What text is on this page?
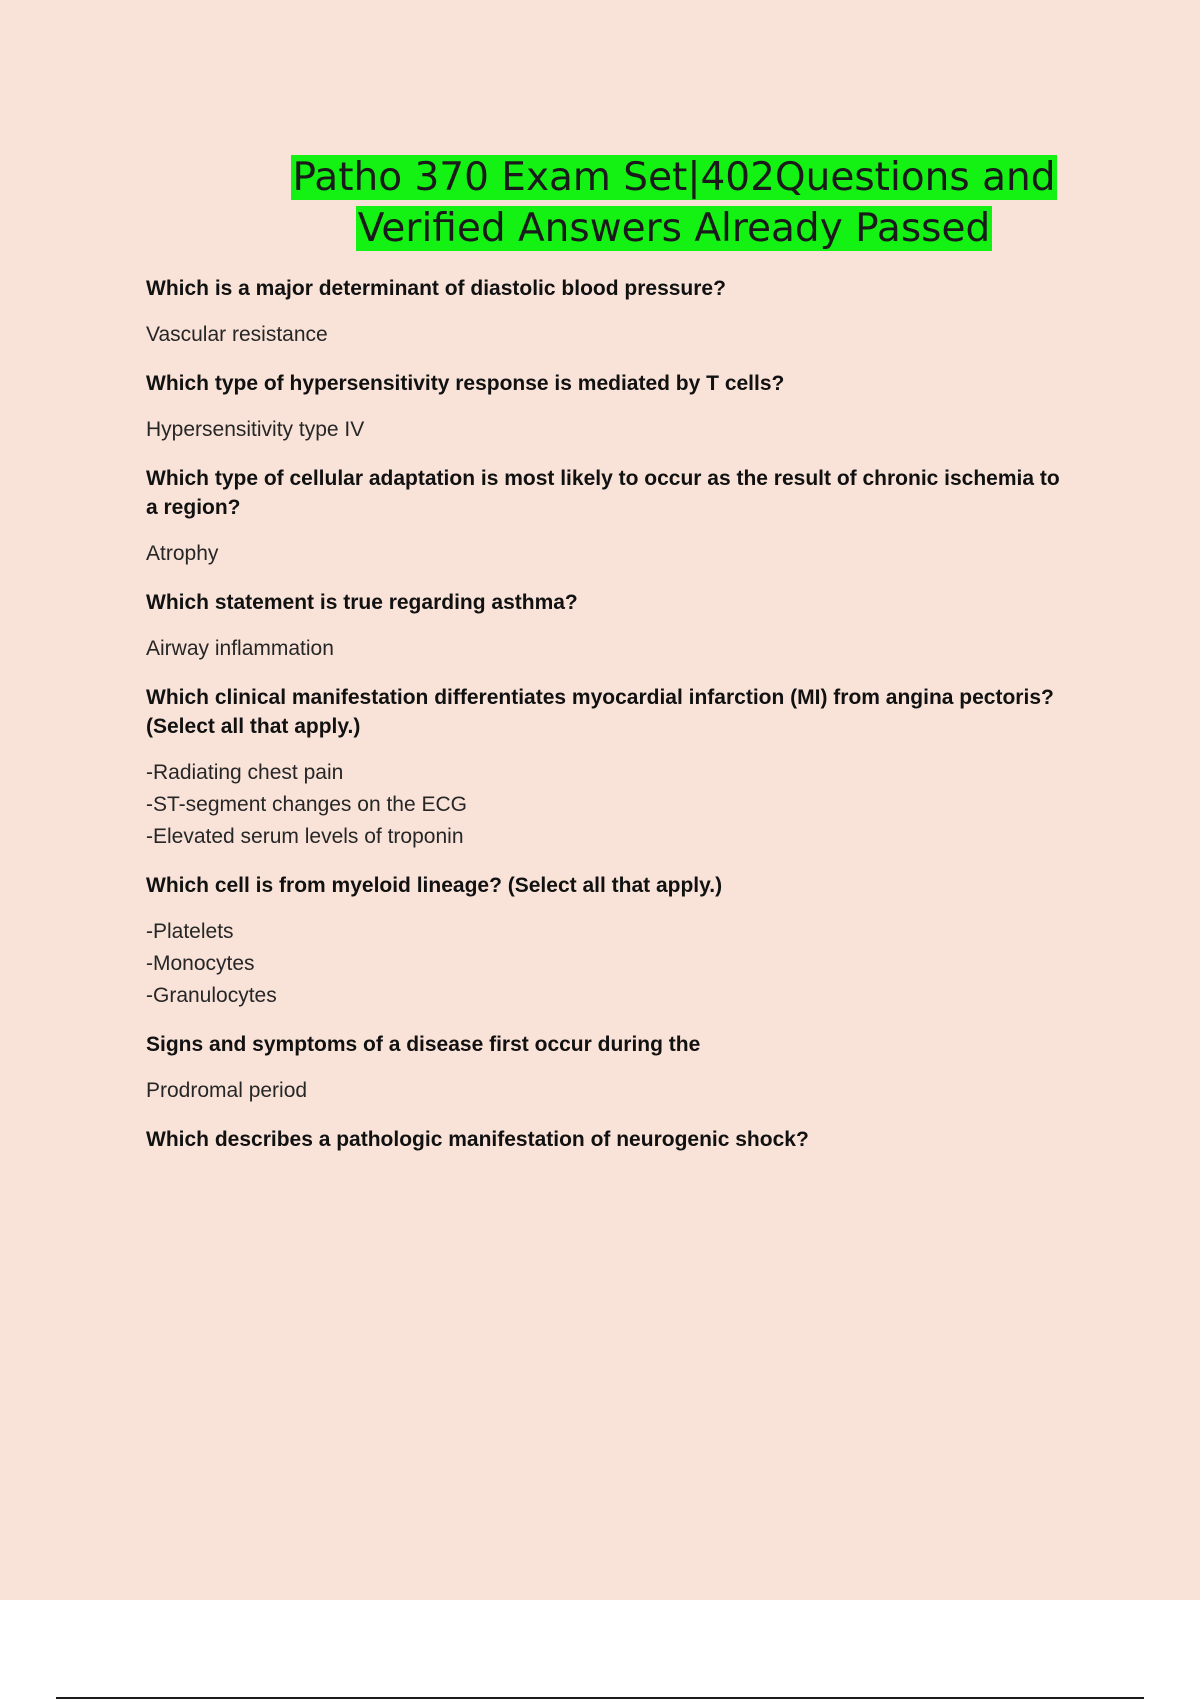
Patho 370 Exam Set|402Questions and
Verified Answers Already Passed

Which is a major determinant of diastolic blood pressure?

Vascular resistance

Which type of hypersensitivity response is mediated by T cells?

Hypersensitivity type IV

Which type of cellular adaptation is most likely to occur as the result of chronic ischemia to a region?

Atrophy

Which statement is true regarding asthma?

Airway inflammation

Which clinical manifestation differentiates myocardial infarction (MI) from angina pectoris? (Select all that apply.)

-Radiating chest pain
-ST-segment changes on the ECG
-Elevated serum levels of troponin

Which cell is from myeloid lineage? (Select all that apply.)

-Platelets
-Monocytes
-Granulocytes

Signs and symptoms of a disease first occur during the

Prodromal period

Which describes a pathologic manifestation of neurogenic shock?
